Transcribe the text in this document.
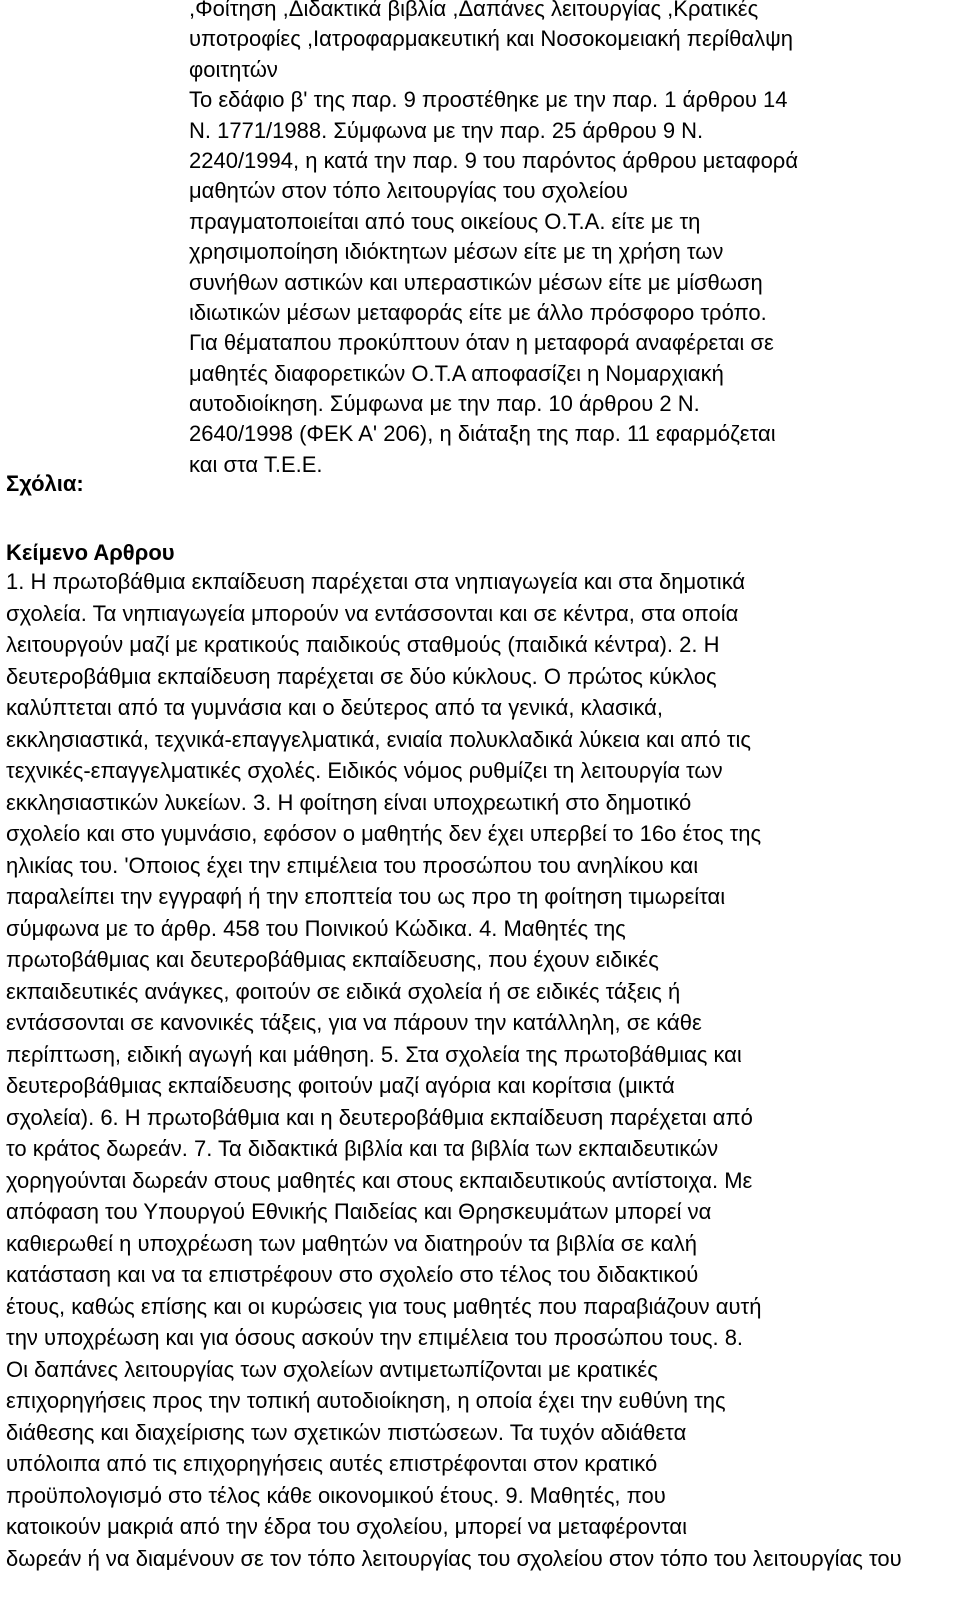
Σχόλια:

,Φοίτηση ,Διδακτικά βιβλία ,Δαπάνες λειτουργίας ,Κρατικές
υποτροφίες ,Ιατροφαρμακευτική και Νοσοκομειακή περίθαλψη
φοιτητών
Το εδάφιο β' της παρ. 9 προστέθηκε με την παρ. 1 άρθρου 14
Ν. 1771/1988. Σύμφωνα με την παρ. 25 άρθρου 9 Ν.
2240/1994, η κατά την παρ. 9 του παρόντος άρθρου μεταφορά
μαθητών στον τόπο λειτουργίας του σχολείου
πραγματοποιείται από τους οικείους Ο.Τ.Α. είτε με τη
χρησιμοποίηση ιδιόκτητων μέσων είτε με τη χρήση των
συνήθων αστικών και υπεραστικών μέσων είτε με μίσθωση
ιδιωτικών μέσων μεταφοράς είτε με άλλο πρόσφορο τρόπο.
Για θέματαπου προκύπτουν όταν η μεταφορά αναφέρεται σε
μαθητές διαφορετικών Ο.Τ.Α αποφασίζει η Νομαρχιακή
αυτοδιοίκηση. Σύμφωνα με την παρ. 10 άρθρου 2 Ν.
2640/1998 (ΦΕΚ Α' 206), η διάταξη της παρ. 11 εφαρμόζεται
και στα Τ.Ε.Ε.
Κείμενο Αρθρου
1. Η πρωτοβάθμια εκπαίδευση παρέχεται στα νηπιαγωγεία και στα δημοτικά
σχολεία. Τα νηπιαγωγεία μπορούν να εντάσσονται και σε κέντρα, στα οποία
λειτουργούν μαζί με κρατικούς παιδικούς σταθμούς (παιδικά κέντρα). 2. Η
δευτεροβάθμια εκπαίδευση παρέχεται σε δύο κύκλους. Ο πρώτος κύκλος
καλύπτεται από τα γυμνάσια και ο δεύτερος από τα γενικά, κλασικά,
εκκλησιαστικά, τεχνικά-επαγγελματικά, ενιαία πολυκλαδικά λύκεια και από τις
τεχνικές-επαγγελματικές σχολές. Ειδικός νόμος ρυθμίζει τη λειτουργία των
εκκλησιαστικών λυκείων. 3. Η φοίτηση είναι υποχρεωτική στο δημοτικό
σχολείο και στο γυμνάσιο, εφόσον ο μαθητής δεν έχει υπερβεί το 16ο έτος της
ηλικίας του. 'Οποιος έχει την επιμέλεια του προσώπου του ανηλίκου και
παραλείπει την εγγραφή ή την εποπτεία του ως προ τη φοίτηση τιμωρείται
σύμφωνα με το άρθρ. 458 του Ποινικού Κώδικα. 4. Μαθητές της
πρωτοβάθμιας και δευτεροβάθμιας εκπαίδευσης, που έχουν ειδικές
εκπαιδευτικές ανάγκες, φοιτούν σε ειδικά σχολεία ή σε ειδικές τάξεις ή
εντάσσονται σε κανονικές τάξεις, για να πάρουν την κατάλληλη, σε κάθε
περίπτωση, ειδική αγωγή και μάθηση. 5. Στα σχολεία της πρωτοβάθμιας και
δευτεροβάθμιας εκπαίδευσης φοιτούν μαζί αγόρια και κορίτσια (μικτά
σχολεία). 6. Η πρωτοβάθμια και η δευτεροβάθμια εκπαίδευση παρέχεται από
το κράτος δωρεάν. 7. Τα διδακτικά βιβλία και τα βιβλία των εκπαιδευτικών
χορηγούνται δωρεάν στους μαθητές και στους εκπαιδευτικούς αντίστοιχα. Με
απόφαση του Υπουργού Εθνικής Παιδείας και Θρησκευμάτων μπορεί να
καθιερωθεί η υποχρέωση των μαθητών να διατηρούν τα βιβλία σε καλή
κατάσταση και να τα επιστρέφουν στο σχολείο στο τέλος του διδακτικού
έτους, καθώς επίσης και οι κυρώσεις για τους μαθητές που παραβιάζουν αυτή
την υποχρέωση και για όσους ασκούν την επιμέλεια του προσώπου τους. 8.
Οι δαπάνες λειτουργίας των σχολείων αντιμετωπίζονται με κρατικές
επιχορηγήσεις προς την τοπική αυτοδιοίκηση, η οποία έχει την ευθύνη της
διάθεσης και διαχείρισης των σχετικών πιστώσεων. Τα τυχόν αδιάθετα
υπόλοιπα από τις επιχορηγήσεις αυτές επιστρέφονται στον κρατικό
προϋπολογισμό στο τέλος κάθε οικονομικού έτους. 9. Μαθητές, που
κατοικούν μακριά από την έδρα του σχολείου, μπορεί να μεταφέρονται
δωρεάν ή να διαμένουν σε τον τόπο λειτουργίας του σχολείου στον τόπο του λειτουργίας του
